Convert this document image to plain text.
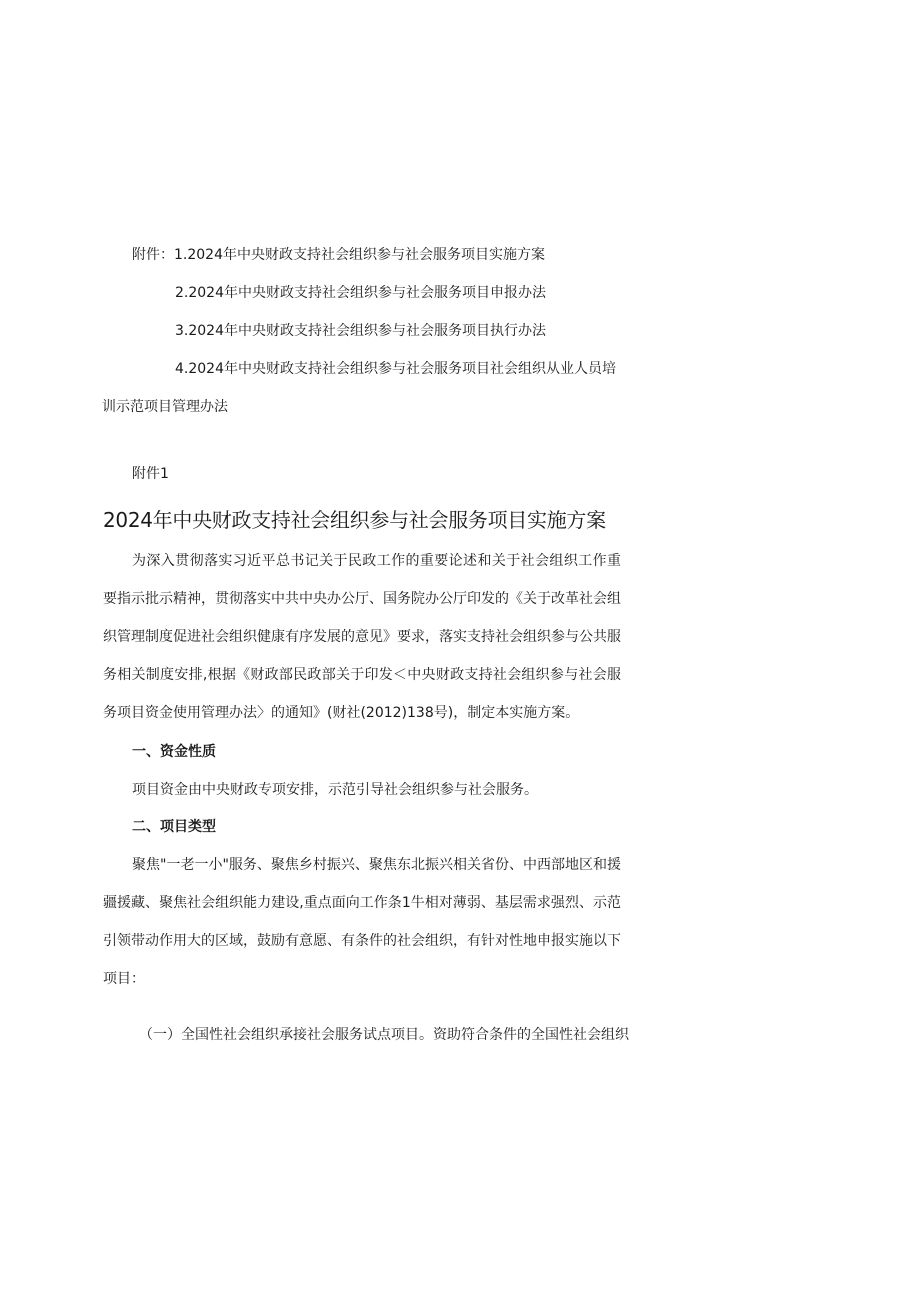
附件：1.2024年中央财政支持社会组织参与社会服务项目实施方案
2.2024年中央财政支持社会组织参与社会服务项目申报办法
3.2024年中央财政支持社会组织参与社会服务项目执行办法
4.2024年中央财政支持社会组织参与社会服务项目社会组织从业人员培
训示范项目管理办法
附件1
2024年中央财政支持社会组织参与社会服务项目实施方案

为深入贯彻落实习近平总书记关于民政工作的重要论述和关于社会组织工作重要指示批示精神，贯彻落实中共中央办公厅、国务院办公厅印发的《关于改革社会组织管理制度促进社会组织健康有序发展的意见》要求，落实支持社会组织参与公共服务相关制度安排,根据《财政部民政部关于印发＜中央财政支持社会组织参与社会服务项目资金使用管理办法〉的通知》(财社(2012)138号)，制定本实施方案。

一、资金性质

项目资金由中央财政专项安排，示范引导社会组织参与社会服务。

二、项目类型

聚焦"一老一小"服务、聚焦乡村振兴、聚焦东北振兴相关省份、中西部地区和援疆援藏、聚焦社会组织能力建设,重点面向工作条1牛相对薄弱、基层需求强烈、示范引领带动作用大的区域，鼓励有意愿、有条件的社会组织，有针对性地申报实施以下项目：

（一）全国性社会组织承接社会服务试点项目。资助符合条件的全国性社会组织
